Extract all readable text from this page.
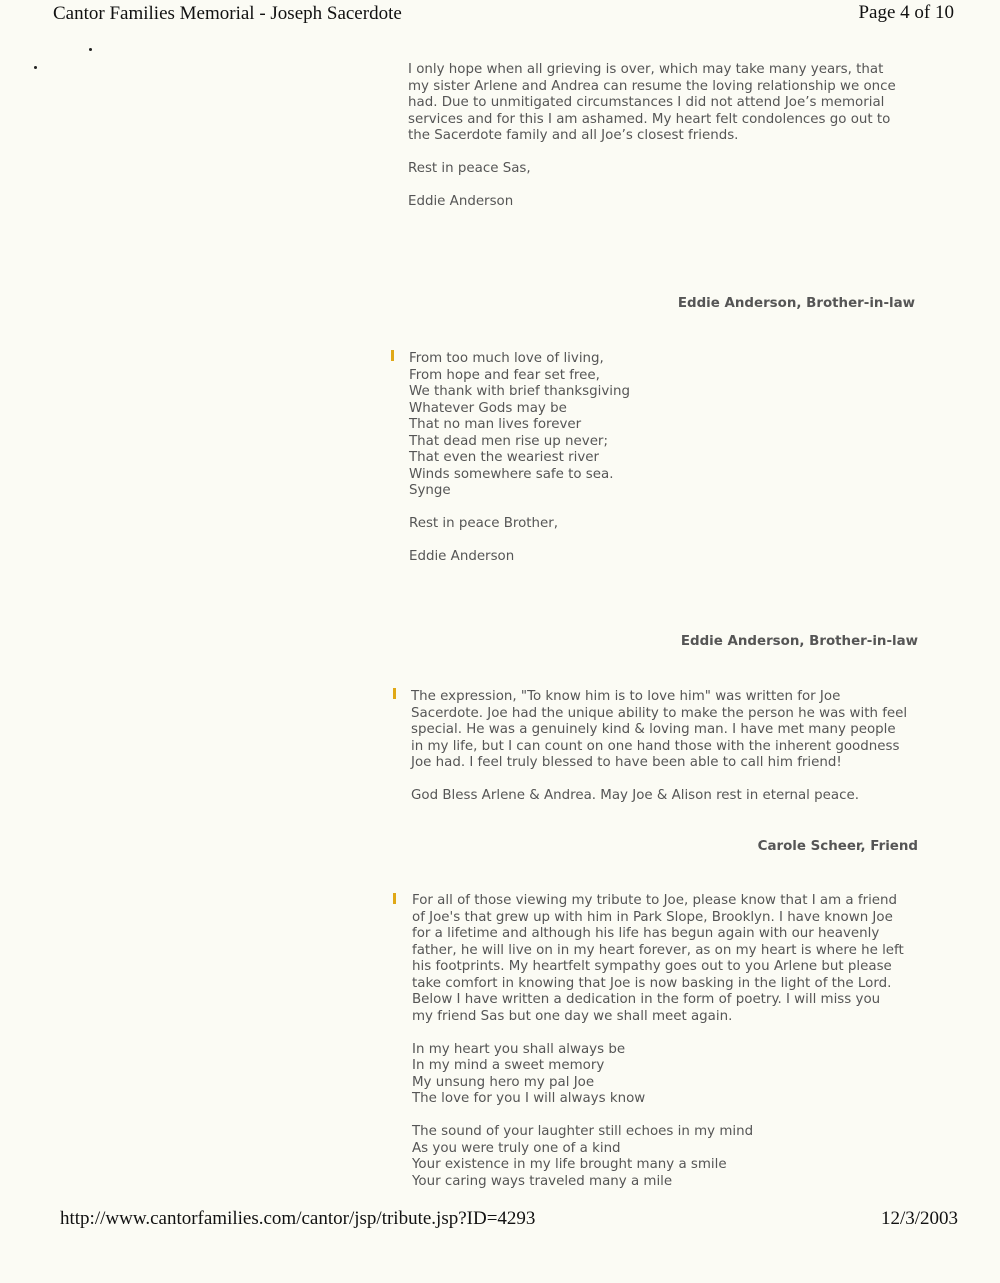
Cantor Families Memorial - Joseph Sacerdote	Page 4 of 10

I only hope when all grieving is over, which may take many years, that
my sister Arlene and Andrea can resume the loving relationship we once
had. Due to unmitigated circumstances I did not attend Joe’s memorial
services and for this I am ashamed. My heart felt condolences go out to
the Sacerdote family and all Joe’s closest friends.

Rest in peace Sas,

Eddie Anderson

Eddie Anderson, Brother-in-law

From too much love of living,
From hope and fear set free,
We thank with brief thanksgiving
Whatever Gods may be
That no man lives forever
That dead men rise up never;
That even the weariest river
Winds somewhere safe to sea.
Synge

Rest in peace Brother,

Eddie Anderson

Eddie Anderson, Brother-in-law

The expression, "To know him is to love him" was written for Joe
Sacerdote. Joe had the unique ability to make the person he was with feel
special. He was a genuinely kind & loving man. I have met many people
in my life, but I can count on one hand those with the inherent goodness
Joe had. I feel truly blessed to have been able to call him friend!

God Bless Arlene & Andrea. May Joe & Alison rest in eternal peace.

Carole Scheer, Friend

For all of those viewing my tribute to Joe, please know that I am a friend
of Joe's that grew up with him in Park Slope, Brooklyn. I have known Joe
for a lifetime and although his life has begun again with our heavenly
father, he will live on in my heart forever, as on my heart is where he left
his footprints. My heartfelt sympathy goes out to you Arlene but please
take comfort in knowing that Joe is now basking in the light of the Lord.
Below I have written a dedication in the form of poetry. I will miss you
my friend Sas but one day we shall meet again.

In my heart you shall always be
In my mind a sweet memory
My unsung hero my pal Joe
The love for you I will always know

The sound of your laughter still echoes in my mind
As you were truly one of a kind
Your existence in my life brought many a smile
Your caring ways traveled many a mile

http://www.cantorfamilies.com/cantor/jsp/tribute.jsp?ID=4293	12/3/2003
